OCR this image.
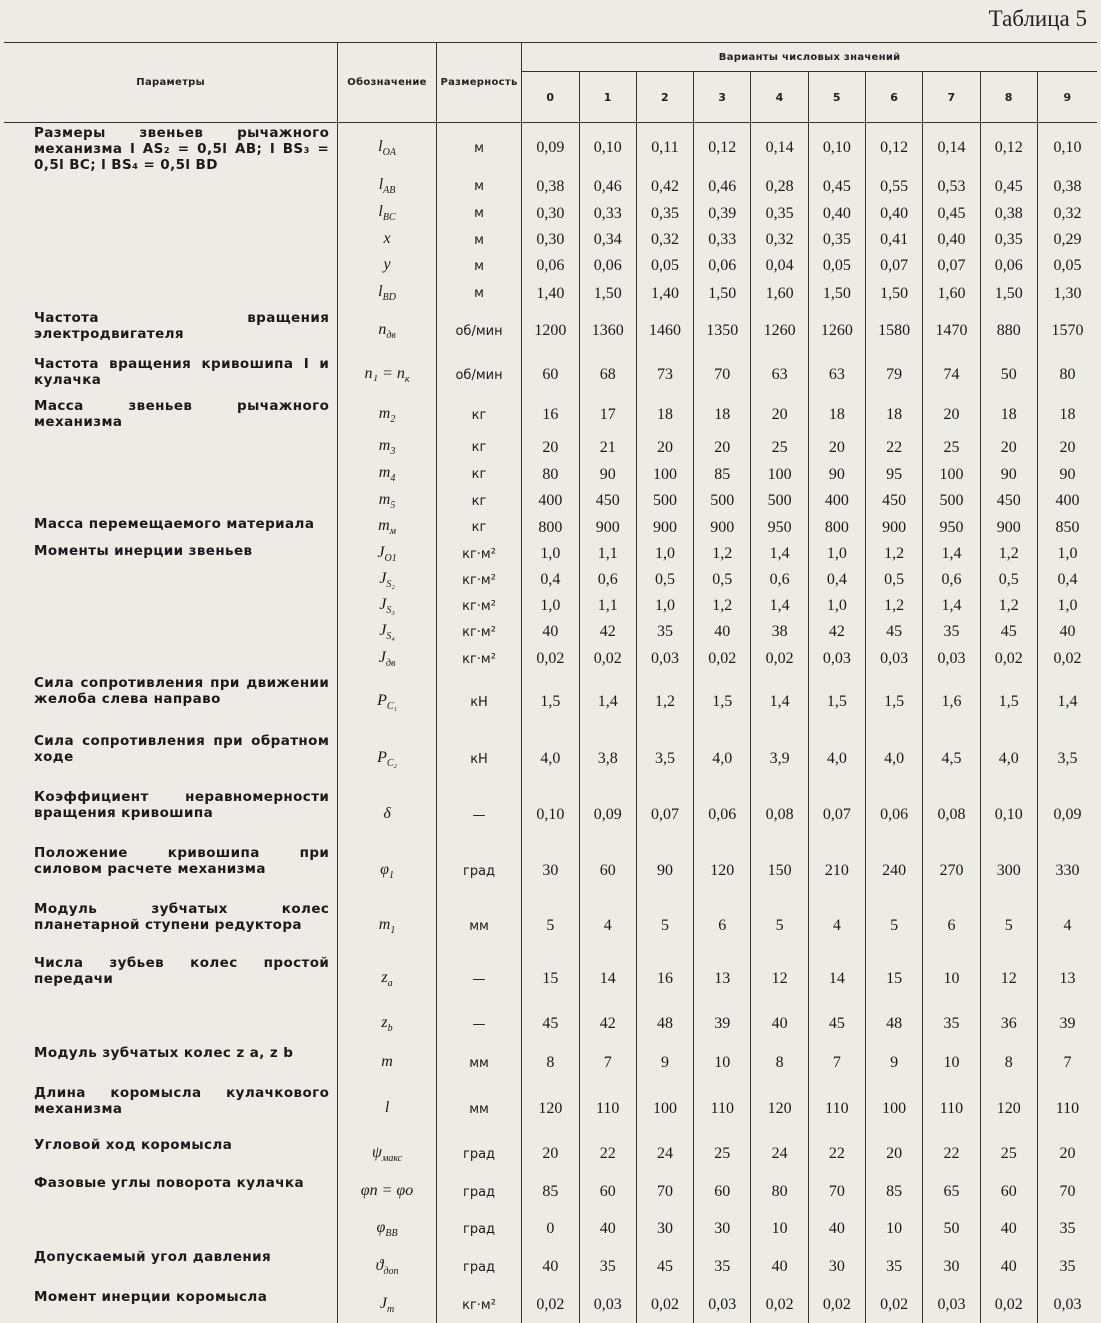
Таблица 5
Параметры	Обозначение	Размерность	Варианты числовых значений									
			0	1	2	3	4	5	6	7	8	9
Размеры звеньев рычажного механизма l AS₂ = 0,5l AB; l BS₃ = 0,5l BC; l BS₄ = 0,5l BD	$l_{OA}$	м	0,09	0,10	0,11	0,12	0,14	0,10	0,12	0,14	0,12	0,10
	$l_{AB}$	м	0,38	0,46	0,42	0,46	0,28	0,45	0,55	0,53	0,45	0,38
	$l_{BC}$	м	0,30	0,33	0,35	0,39	0,35	0,40	0,40	0,45	0,38	0,32
	x	м	0,30	0,34	0,32	0,33	0,32	0,35	0,41	0,40	0,35	0,29
	y	м	0,06	0,06	0,05	0,06	0,04	0,05	0,07	0,07	0,06	0,05
	$l_{BD}$	м	1,40	1,50	1,40	1,50	1,60	1,50	1,50	1,60	1,50	1,30
Частота вращения электродвигателя	$n_{дв}$	об/мин	1200	1360	1460	1350	1260	1260	1580	1470	880	1570
Частота вращения кривошипа I и кулачка	$n_1 = n_к$	об/мин	60	68	73	70	63	63	79	74	50	80
Масса звеньев рычажного механизма	$m_2$	кг	16	17	18	18	20	18	18	20	18	18
	$m_3$	кг	20	21	20	20	25	20	22	25	20	20
	$m_4$	кг	80	90	100	85	100	90	95	100	90	90
	$m_5$	кг	400	450	500	500	500	400	450	500	450	400
Масса перемещаемого материала	$m_м$	кг	800	900	900	900	950	800	900	950	900	850
Моменты инерции звеньев	$J_{O1}$	кг·м²	1,0	1,1	1,0	1,2	1,4	1,0	1,2	1,4	1,2	1,0
	$J_{S_2}$	кг·м²	0,4	0,6	0,5	0,5	0,6	0,4	0,5	0,6	0,5	0,4
	$J_{S_3}$	кг·м²	1,0	1,1	1,0	1,2	1,4	1,0	1,2	1,4	1,2	1,0
	$J_{S_4}$	кг·м²	40	42	35	40	38	42	45	35	45	40
	$J_{дв}$	кг·м²	0,02	0,02	0,03	0,02	0,02	0,03	0,03	0,03	0,02	0,02
Сила сопротивления при движении желоба слева направо	$P_{C_1}$	кН	1,5	1,4	1,2	1,5	1,4	1,5	1,5	1,6	1,5	1,4
Сила сопротивления при обратном ходе	$P_{C_2}$	кН	4,0	3,8	3,5	4,0	3,9	4,0	4,0	4,5	4,0	3,5
Коэффициент неравномерности вращения кривошипа	δ	—	0,10	0,09	0,07	0,06	0,08	0,07	0,06	0,08	0,10	0,09
Положение кривошипа при силовом расчете механизма	$\varphi_1$	град	30	60	90	120	150	210	240	270	300	330
Модуль зубчатых колес планетарной ступени редуктора	$m_1$	мм	5	4	5	6	5	4	5	6	5	4
Числа зубьев колес простой передачи	$z_a$	—	15	14	16	13	12	14	15	10	12	13
	$z_b$	—	45	42	48	39	40	45	48	35	36	39
Модуль зубчатых колес z a, z b	m	мм	8	7	9	10	8	7	9	10	8	7
Длина коромысла кулачкового механизма	l	мм	120	110	100	110	120	110	100	110	120	110
Угловой ход коромысла	$\psi_{макс}$	град	20	22	24	25	24	22	20	22	25	20
Фазовые углы поворота кулачка	φп = φо	град	85	60	70	60	80	70	85	65	60	70
	$\varphi_{BB}$	град	0	40	30	30	10	40	10	50	40	35
Допускаемый угол давления	$ϑ_{доп}$	град	40	35	45	35	40	30	35	30	40	35
Момент инерции коромысла	$J_т$	кг·м²	0,02	0,03	0,02	0,03	0,02	0,02	0,02	0,03	0,02	0,03
